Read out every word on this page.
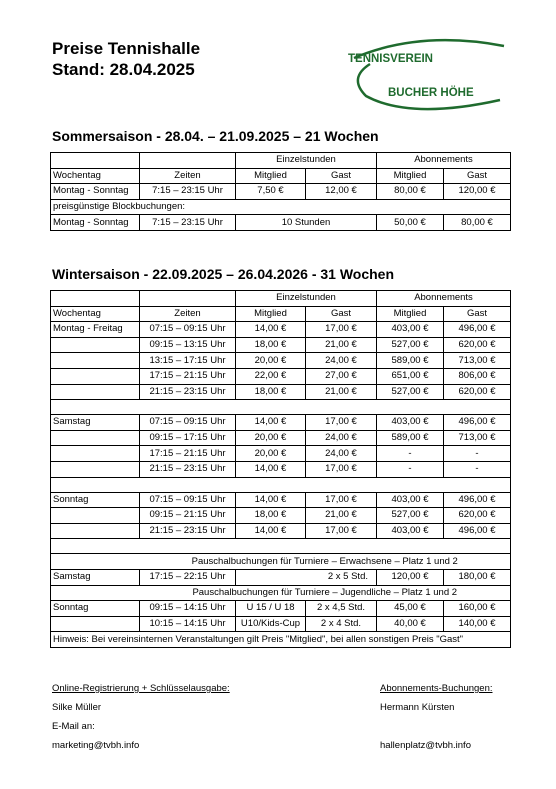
Preise Tennishalle
Stand: 28.04.2025
TENNISVEREIN
BUCHER HÖHE
Sommersaison - 28.04. – 21.09.2025 – 21 Wochen
		Einzelstunden		Abonnements	
Wochentag	Zeiten	Mitglied	Gast	Mitglied	Gast
Montag - Sonntag	7:15 – 23:15 Uhr	7,50 €	12,00 €	80,00 €	120,00 €
preisgünstige Blockbuchungen:					
Montag - Sonntag	7:15 – 23:15 Uhr	10 Stunden		50,00 €	80,00 €
Wintersaison - 22.09.2025 – 26.04.2026 - 31 Wochen
		Einzelstunden		Abonnements	
Wochentag	Zeiten	Mitglied	Gast	Mitglied	Gast
Montag - Freitag	07:15 – 09:15 Uhr	14,00 €	17,00 €	403,00 €	496,00 €
	09:15 – 13:15 Uhr	18,00 €	21,00 €	527,00 €	620,00 €
	13:15 – 17:15 Uhr	20,00 €	24,00 €	589,00 €	713,00 €
	17:15 – 21:15 Uhr	22,00 €	27,00 €	651,00 €	806,00 €
	21:15 – 23:15 Uhr	18,00 €	21,00 €	527,00 €	620,00 €

Samstag	07:15 – 09:15 Uhr	14,00 €	17,00 €	403,00 €	496,00 €
	09:15 – 17:15 Uhr	20,00 €	24,00 €	589,00 €	713,00 €
	17:15 – 21:15 Uhr	20,00 €	24,00 €	-	-
	21:15 – 23:15 Uhr	14,00 €	17,00 €	-	-

Sonntag	07:15 – 09:15 Uhr	14,00 €	17,00 €	403,00 €	496,00 €
	09:15 – 21:15 Uhr	18,00 €	21,00 €	527,00 €	620,00 €
	21:15 – 23:15 Uhr	14,00 €	17,00 €	403,00 €	496,00 €

	Pauschalbuchungen für Turniere – Erwachsene – Platz 1 und 2				
Samstag	17:15 – 22:15 Uhr	2 x 5 Std.		120,00 €	180,00 €
	Pauschalbuchungen für Turniere – Jugendliche – Platz 1 und 2				
Sonntag	09:15 – 14:15 Uhr	U 15 / U 18	2 x 4,5 Std.	45,00 €	160,00 €
	10:15 – 14:15 Uhr	U10/Kids-Cup	2 x 4 Std.	40,00 €	140,00 €
Hinweis: Bei vereinsinternen Veranstaltungen gilt Preis "Mitglied", bei allen sonstigen Preis "Gast"					
Online-Registrierung + Schlüsselausgabe:
Silke Müller
E-Mail an:
marketing@tvbh.info
Abonnements-Buchungen:
Hermann Kürsten

hallenplatz@tvbh.info
